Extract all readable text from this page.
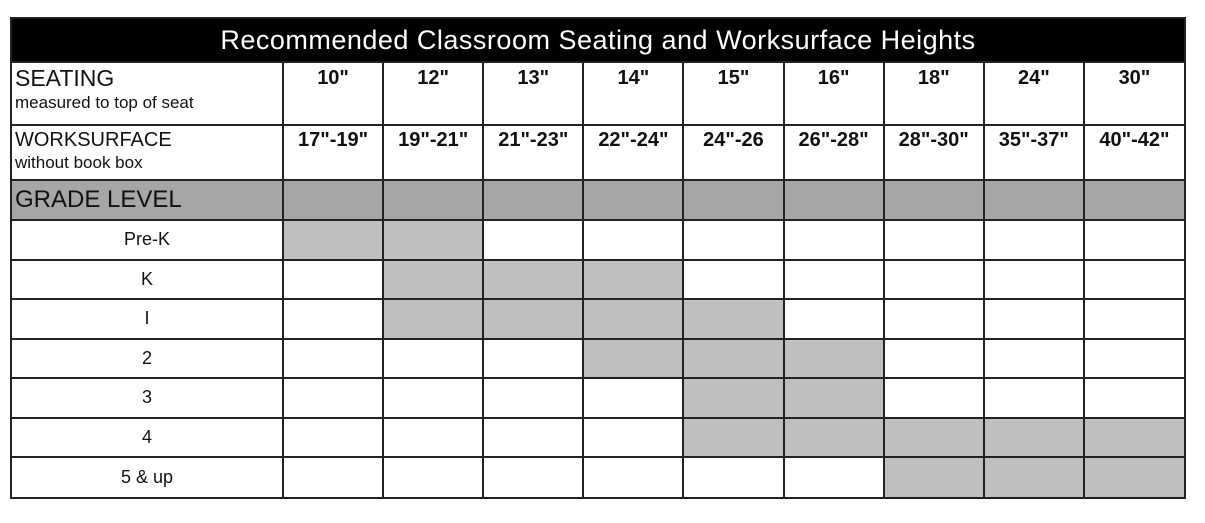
Recommended Classroom Seating and Worksurface Heights
SEATING
measured to top of seat	10"	12"	13"	14"	15"	16"	18"	24"	30"

WORKSURFACE
without book box	17"-19"	19"-21"	21"-23"	22"-24"	24"-26	26"-28"	28"-30"	35"-37"	40"-42"
GRADE LEVEL									
Pre-K									
K									
I									
2									
3									
4									
5 & up									
